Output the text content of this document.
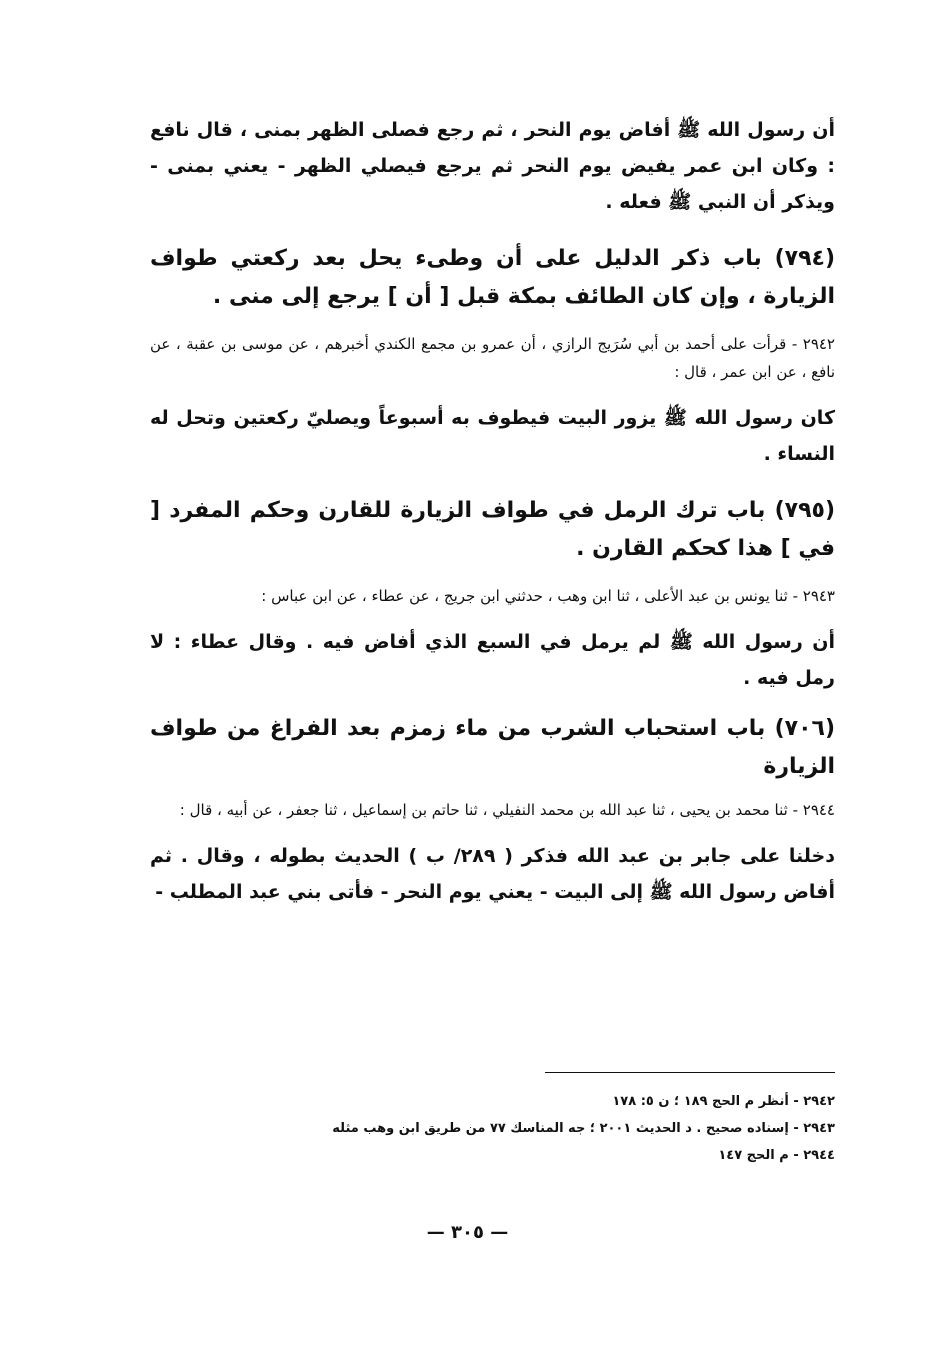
أن رسول الله ﷺ أفاض يوم النحر ، ثم رجع فصلى الظهر بمنى ، قال نافع : وكان ابن عمر يفيض يوم النحر ثم يرجع فيصلي الظهر - يعني بمنى - ويذكر أن النبي ﷺ فعله .

(٧٩٤) باب ذكر الدليل على أن وطىء يحل بعد ركعتي طواف الزيارة ، وإن كان الطائف بمكة قبل [ أن ] يرجع إلى منى .

٢٩٤٢ - قرأت على أحمد بن أبي سُرَيج الرازي ، أن عمرو بن مجمع الكندي أخبرهم ، عن موسى بن عقبة ، عن نافع ، عن ابن عمر ، قال :

كان رسول الله ﷺ يزور البيت فيطوف به أسبوعاً ويصليّ ركعتين وتحل له النساء .

(٧٩٥) باب ترك الرمل في طواف الزيارة للقارن وحكم المفرد [ في ] هذا كحكم القارن .

٢٩٤٣ - ثنا يونس بن عبد الأعلى ، ثنا ابن وهب ، حدثني ابن جريج ، عن عطاء ، عن ابن عباس :

أن رسول الله ﷺ لم يرمل في السبع الذي أفاض فيه . وقال عطاء : لا رمل فيه .

(٧٠٦) باب استحباب الشرب من ماء زمزم بعد الفراغ من طواف الزيارة

٢٩٤٤ - ثنا محمد بن يحيى ، ثنا عبد الله بن محمد النفيلي ، ثنا حاتم بن إسماعيل ، ثنا جعفر ، عن أبيه ، قال :

دخلنا على جابر بن عبد الله فذكر ( ٢٨٩/ ب ) الحديث بطوله ، وقال . ثم أفاض رسول الله ﷺ إلى البيت - يعني يوم النحر - فأتى بني عبد المطلب -

٢٩٤٢ - أنظر م الحج ١٨٩ ؛ ن ٥: ١٧٨
٢٩٤٣ - إسناده صحيح . د الحديث ٢٠٠١ ؛ جه المناسك ٧٧ من طريق ابن وهب مثله
٢٩٤٤ - م الحج ١٤٧
— ٣٠٥ —
